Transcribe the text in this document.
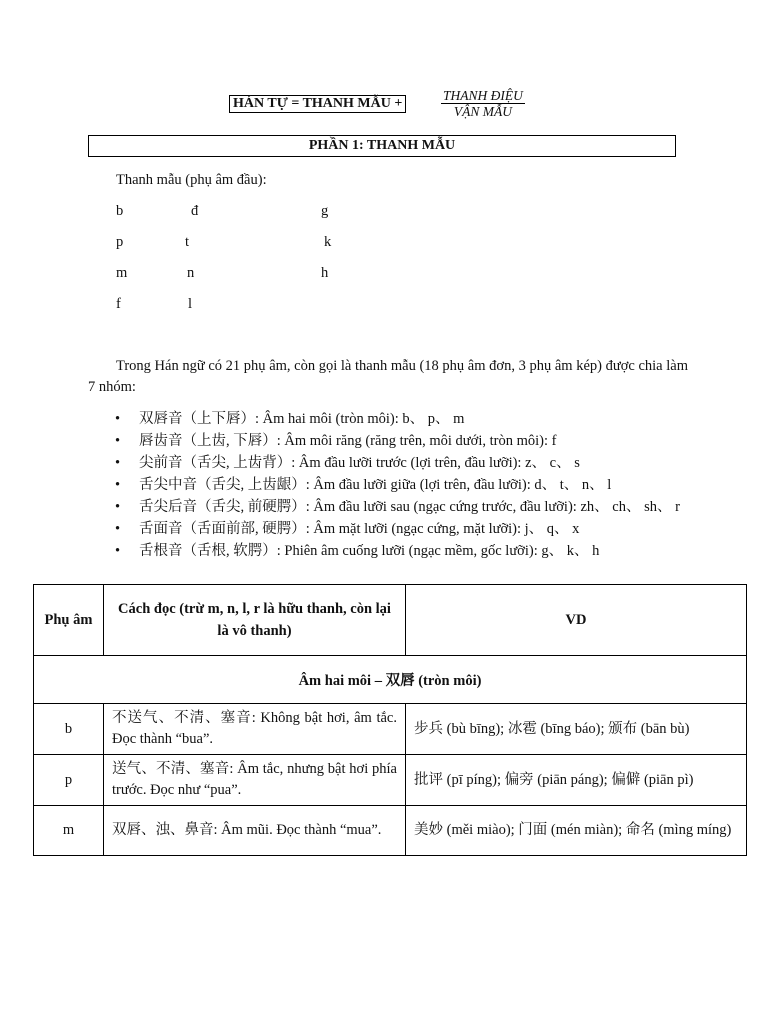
HÁN TỰ = THANH MẪU +
THANH ĐIỆU
VẬN MẪU
PHẦN 1: THANH MẪU
Thanh mẫu (phụ âm đầu):
b	đ	g
p	t	k
m	n	h
f	l
Trong Hán ngữ có 21 phụ âm, còn gọi là thanh mẫu (18 phụ âm đơn, 3 phụ âm kép) được chia làm 7 nhóm:
• 双唇音（上下唇）: Âm hai môi (tròn môi): b、 p、 m
• 唇齿音（上齿, 下唇）: Âm môi răng (răng trên, môi dưới, tròn môi): f
• 尖前音（舌尖, 上齿背）: Âm đầu lưỡi trước (lợi trên, đầu lưỡi): z、 c、 s
• 舌尖中音（舌尖, 上齿龈）: Âm đầu lưỡi giữa (lợi trên, đầu lưỡi): d、 t、 n、 l
• 舌尖后音（舌尖, 前硬腭）: Âm đầu lưỡi sau (ngạc cứng trước, đầu lưỡi): zh、 ch、 sh、 r
• 舌面音（舌面前部, 硬腭）: Âm mặt lưỡi (ngạc cứng, mặt lưỡi): j、 q、 x
• 舌根音（舌根, 软腭）: Phiên âm cuống lưỡi (ngạc mềm, gốc lưỡi): g、 k、 h
Phụ âm	Cách đọc (trừ m, n, l, r là hữu thanh, còn lại là vô thanh)	VD
Âm hai môi – 双唇 (tròn môi)		
b	不送气、不清、塞音: Không bật hơi, âm tắc. Đọc thành “bua”.	步兵 (bù bīng); 冰雹 (bīng báo); 颁布 (bān bù)
p	送气、不清、塞音: Âm tắc, nhưng bật hơi phía trước. Đọc như “pua”.	批评 (pī píng); 偏旁 (piān páng); 偏僻 (piān pì)
m	双唇、浊、鼻音: Âm mũi. Đọc thành “mua”.	美妙 (měi miào); 门面 (mén miàn); 命名 (mìng míng)
